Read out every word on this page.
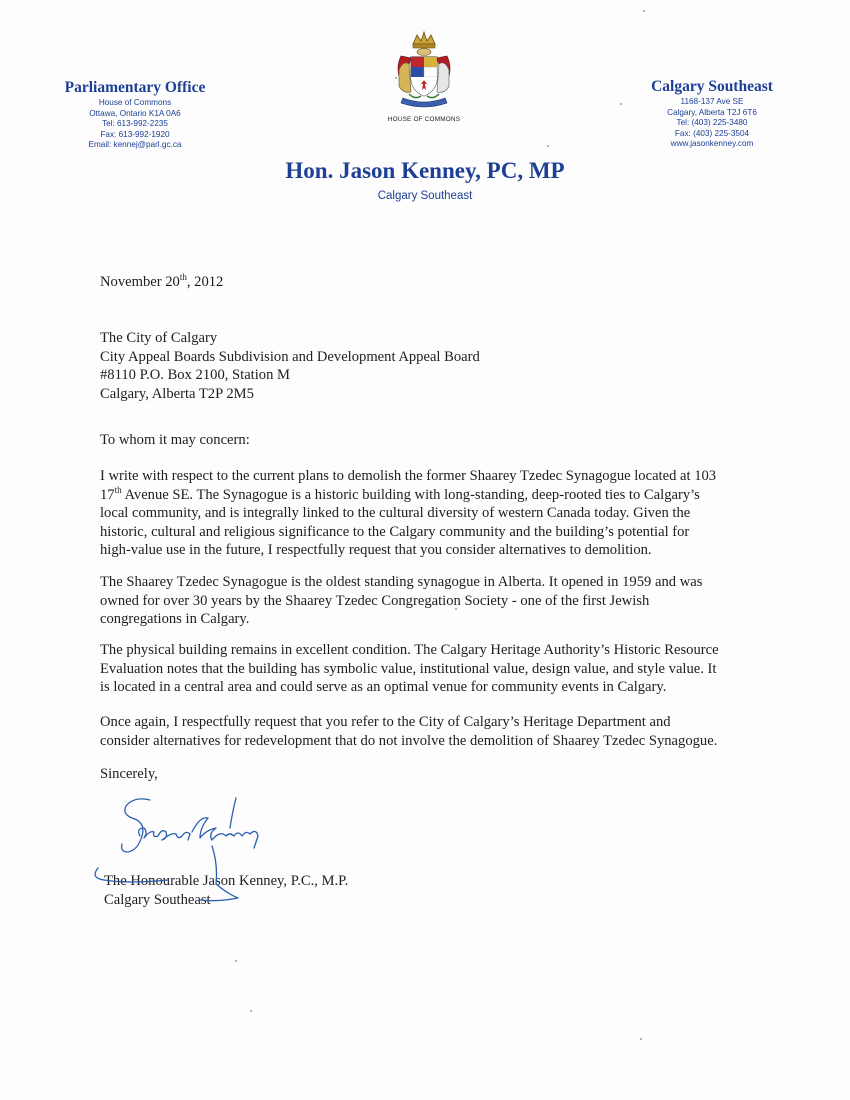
Parliamentary Office
House of Commons
Ottawa, Ontario K1A 0A6
Tel: 613-992-2235
Fax: 613-992-1920
Email: kennej@parl.gc.ca
HOUSE OF COMMONS
Calgary Southeast
1168-137 Ave SE
Calgary, Alberta T2J 6T6
Tel: (403) 225-3480
Fax: (403) 225-3504
www.jasonkenney.com
Hon. Jason Kenney, PC, MP
Calgary Southeast
November 20th, 2012
The City of Calgary
City Appeal Boards Subdivision and Development Appeal Board
#8110 P.O. Box 2100, Station M
Calgary, Alberta T2P 2M5
To whom it may concern:
I write with respect to the current plans to demolish the former Shaarey Tzedec Synagogue located at 103
17th Avenue SE. The Synagogue is a historic building with long-standing, deep-rooted ties to Calgary’s
local community, and is integrally linked to the cultural diversity of western Canada today. Given the
historic, cultural and religious significance to the Calgary community and the building’s potential for
high-value use in the future, I respectfully request that you consider alternatives to demolition.
The Shaarey Tzedec Synagogue is the oldest standing synagogue in Alberta. It opened in 1959 and was
owned for over 30 years by the Shaarey Tzedec Congregation Society - one of the first Jewish
congregations in Calgary.
The physical building remains in excellent condition. The Calgary Heritage Authority’s Historic Resource
Evaluation notes that the building has symbolic value, institutional value, design value, and style value. It
is located in a central area and could serve as an optimal venue for community events in Calgary.
Once again, I respectfully request that you refer to the City of Calgary’s Heritage Department and
consider alternatives for redevelopment that do not involve the demolition of Shaarey Tzedec Synagogue.
Sincerely,
The Honourable Jason Kenney, P.C., M.P.
Calgary Southeast
